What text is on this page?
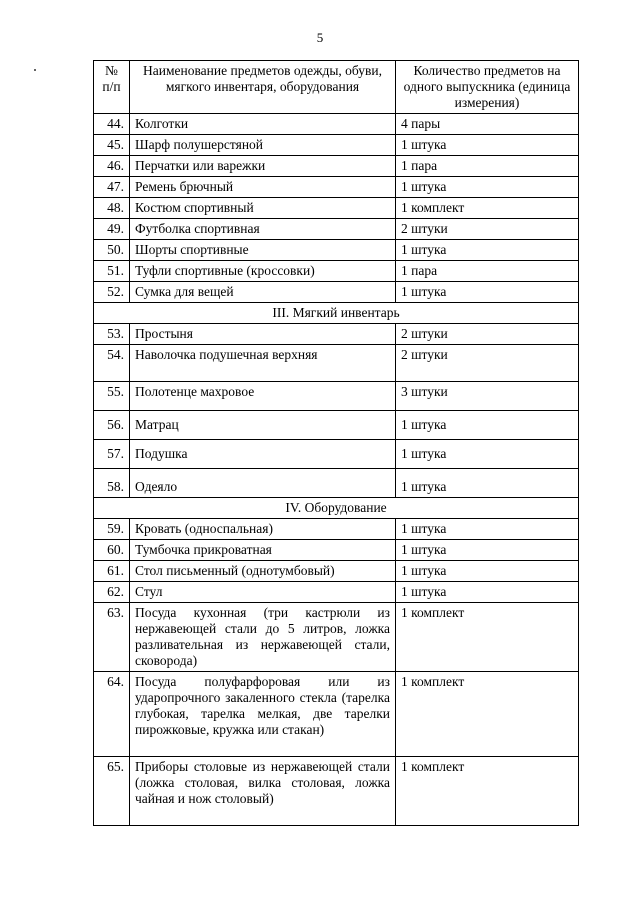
5
№ п/п	Наименование предметов одежды, обуви, мягкого инвентаря, оборудования	Количество предметов на одного выпускника (единица измерения)
44.	Колготки	4 пары
45.	Шарф полушерстяной	1 штука
46.	Перчатки или варежки	1 пара
47.	Ремень брючный	1 штука
48.	Костюм спортивный	1 комплект
49.	Футболка спортивная	2 штуки
50.	Шорты спортивные	1 штука
51.	Туфли спортивные (кроссовки)	1 пара
52.	Сумка для вещей	1 штука
III. Мягкий инвентарь		
53.	Простыня	2 штуки
54.	Наволочка подушечная верхняя	2 штуки
55.	Полотенце махровое	3 штуки
56.	Матрац	1 штука
57.	Подушка	1 штука
58.	Одеяло	1 штука
IV. Оборудование		
59.	Кровать (односпальная)	1 штука
60.	Тумбочка прикроватная	1 штука
61.	Стол письменный (однотумбовый)	1 штука
62.	Стул	1 штука
63.	Посуда кухонная (три кастрюли из нержавеющей стали до 5 литров, ложка разливательная из нержавеющей стали, сковорода)	1 комплект
64.	Посуда полуфарфоровая или из ударопрочного закаленного стекла (тарелка глубокая, тарелка мелкая, две тарелки пирожковые, кружка или стакан)	1 комплект
65.	Приборы столовые из нержавеющей стали (ложка столовая, вилка столовая, ложка чайная и нож столовый)	1 комплект
